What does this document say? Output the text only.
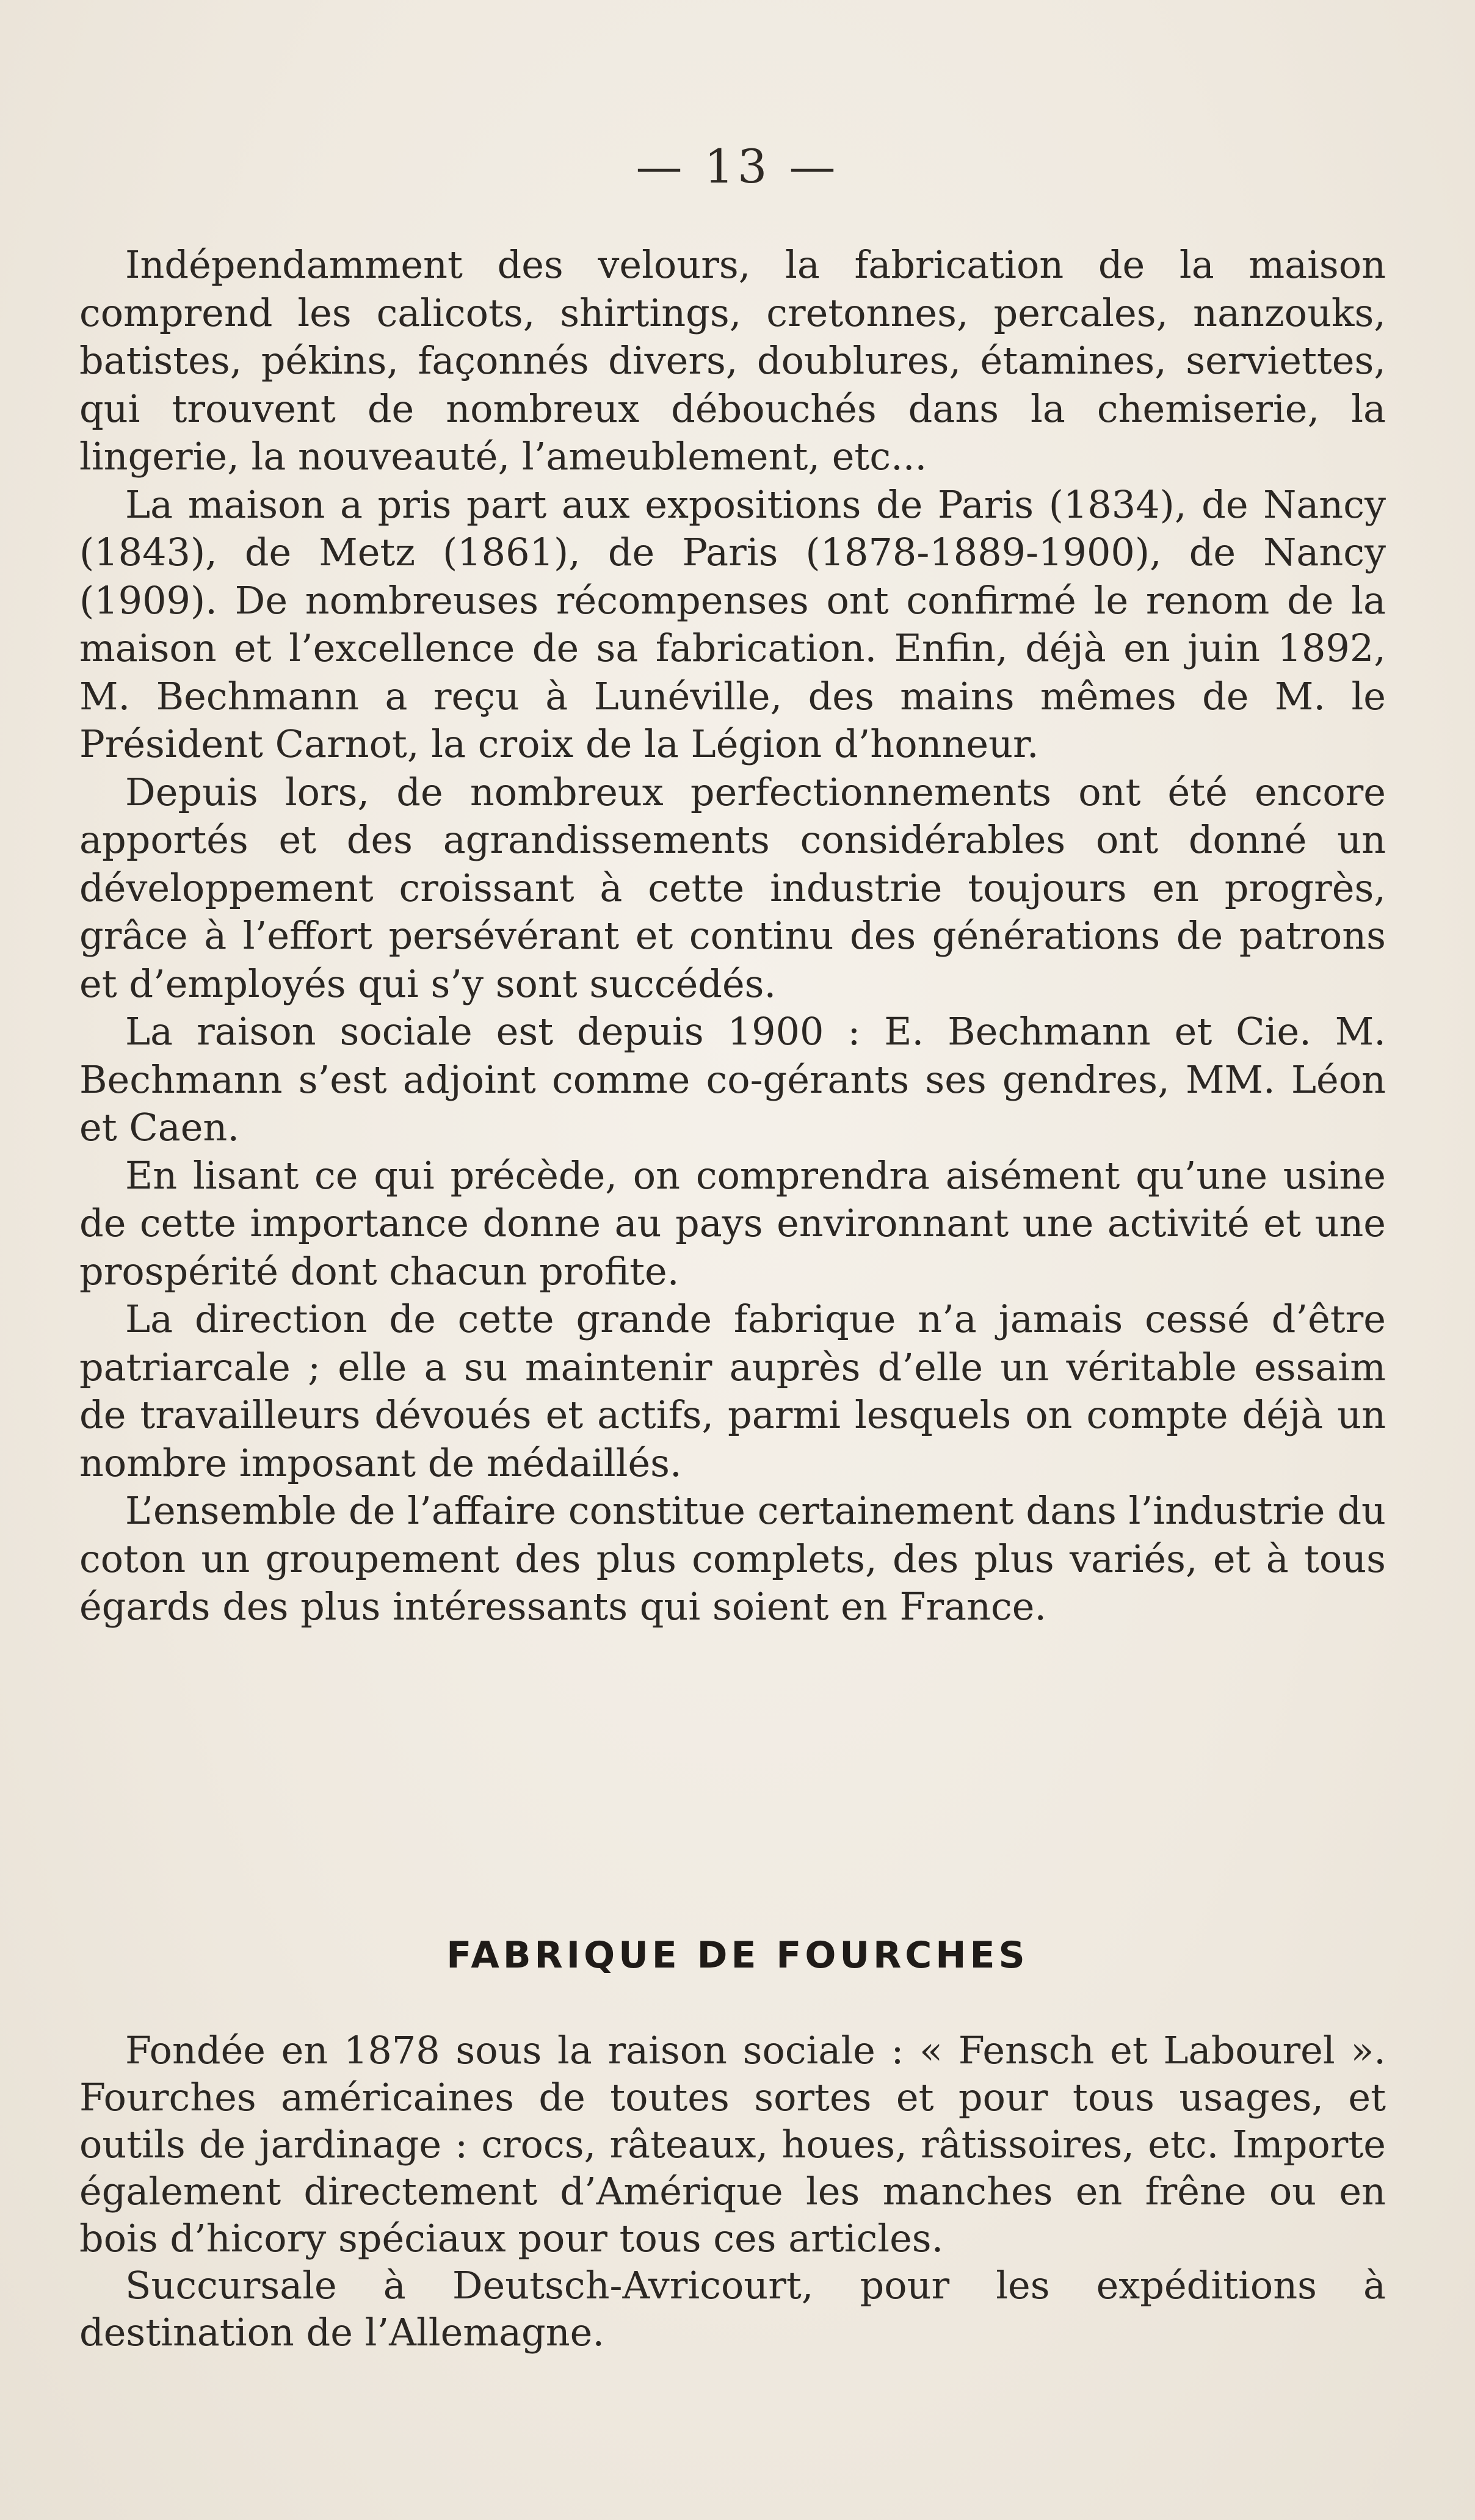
— 13 —

Indépendamment des velours, la fabrication de la maison comprend les calicots, shirtings, cretonnes, percales, nanzouks, batistes, pékins, façonnés divers, doublures, étamines, serviettes, qui trouvent de nombreux débouchés dans la chemiserie, la lingerie, la nouveauté, l’ameublement, etc...

La maison a pris part aux expositions de Paris (1834), de Nancy (1843), de Metz (1861), de Paris (1878-1889-1900), de Nancy (1909). De nombreuses récompenses ont confirmé le renom de la maison et l’excellence de sa fabrication. Enfin, déjà en juin 1892, M. Bechmann a reçu à Lunéville, des mains mêmes de M. le Président Carnot, la croix de la Légion d’honneur.

Depuis lors, de nombreux perfectionnements ont été encore apportés et des agrandissements considérables ont donné un développement croissant à cette industrie toujours en progrès, grâce à l’effort persévérant et continu des générations de patrons et d’employés qui s’y sont succédés.

La raison sociale est depuis 1900 : E. Bechmann et Cie. M. Bechmann s’est adjoint comme co-gérants ses gendres, MM. Léon et Caen.

En lisant ce qui précède, on comprendra aisément qu’une usine de cette importance donne au pays environnant une activité et une prospérité dont chacun profite.

La direction de cette grande fabrique n’a jamais cessé d’être patriarcale ; elle a su maintenir auprès d’elle un véritable essaim de travailleurs dévoués et actifs, parmi lesquels on compte déjà un nombre imposant de médaillés.

L’ensemble de l’affaire constitue certainement dans l’industrie du coton un groupement des plus complets, des plus variés, et à tous égards des plus intéressants qui soient en France.

FABRIQUE DE FOURCHES

Fondée en 1878 sous la raison sociale : « Fensch et Labourel ». Fourches américaines de toutes sortes et pour tous usages, et outils de jardinage : crocs, râteaux, houes, râtissoires, etc. Importe également directement d’Amérique les manches en frêne ou en bois d’hicory spéciaux pour tous ces articles.

Succursale à Deutsch-Avricourt, pour les expéditions à destination de l’Allemagne.
